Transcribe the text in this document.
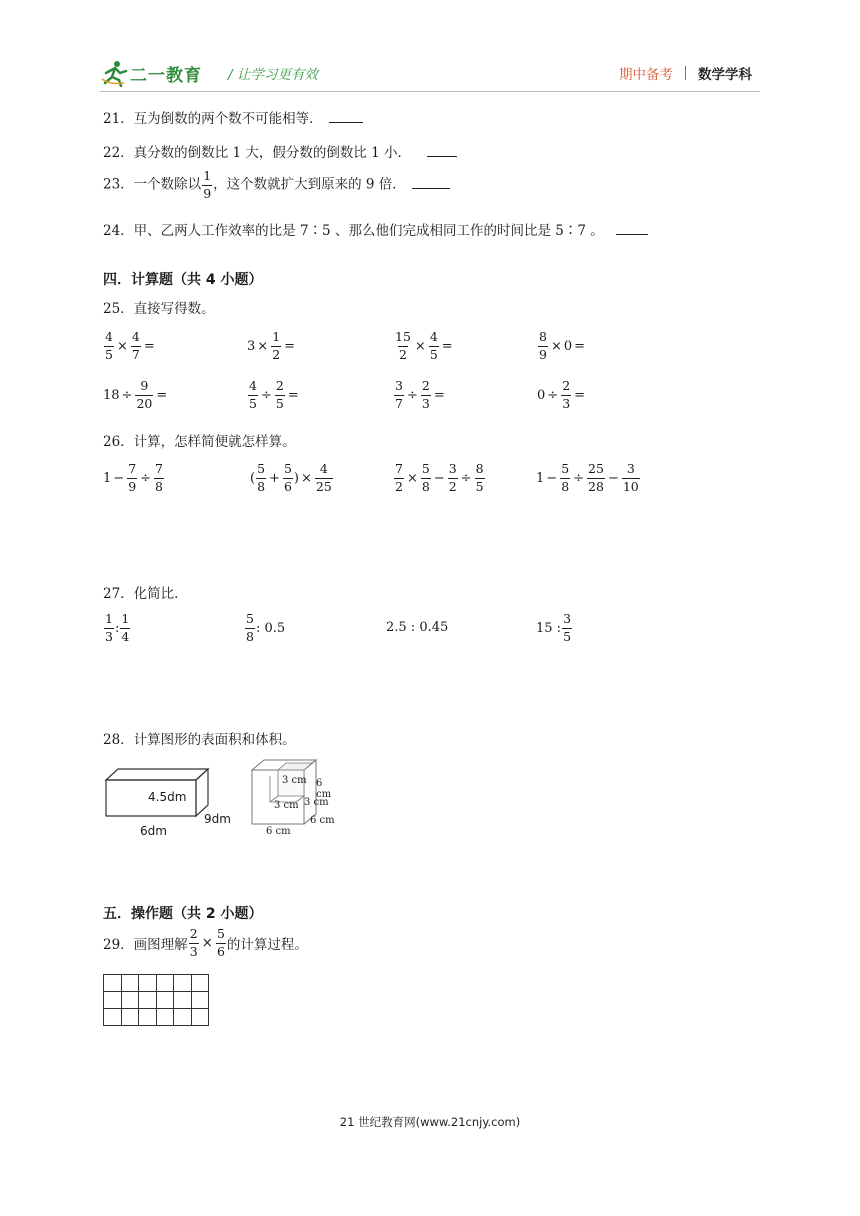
二一教育 / 让学习更有效	期中备考 数学学科
21．互为倒数的两个数不可能相等．
22．真分数的倒数比 1 大，假分数的倒数比 1 小．
23．一个数除以 $\frac{1}{9}$ ，这个数就扩大到原来的 9 倍．
24．甲、乙两人工作效率的比是 7∶5 、那么他们完成相同工作的时间比是 5∶7 。
四．计算题（共 4 小题）
25．直接写得数。
$\frac{4}{5} \times \frac{4}{7}$ =	$3 \times \frac{1}{2}$ =	$\frac{15}{2} \times \frac{4}{5}$ =	$\frac{8}{9} \times 0$ =
$18 \div \frac{9}{20}$ =	$\frac{4}{5} \div \frac{2}{5}$ =	$\frac{3}{7} \div \frac{2}{3}$ =	$0 \div \frac{2}{3}$ =
26．计算，怎样简便就怎样算。
$1 - \frac{7}{9} \div \frac{7}{8}$	( $\frac{5}{8} + \frac{5}{6}$ ) × $\frac{4}{25}$	$\frac{7}{2} \times \frac{5}{8} - \frac{3}{2} \div \frac{8}{5}$	$1 - \frac{5}{8} \div \frac{25}{28} - \frac{3}{10}$
27．化简比．
$\frac{1}{3}$ : $\frac{1}{4}$	$\frac{5}{8}$ : 0.5	2.5 : 0.45	15 : $\frac{3}{5}$
28．计算图形的表面积和体积。
4.5dm
6dm
9dm
3 cm
3 cm 3 cm
6 cm
6 cm
6 cm
五．操作题（共 2 小题）
29．画图理解 $\frac{2}{3} \times \frac{5}{6}$ 的计算过程。

21 世纪教育网(www.21cnjy.com)
